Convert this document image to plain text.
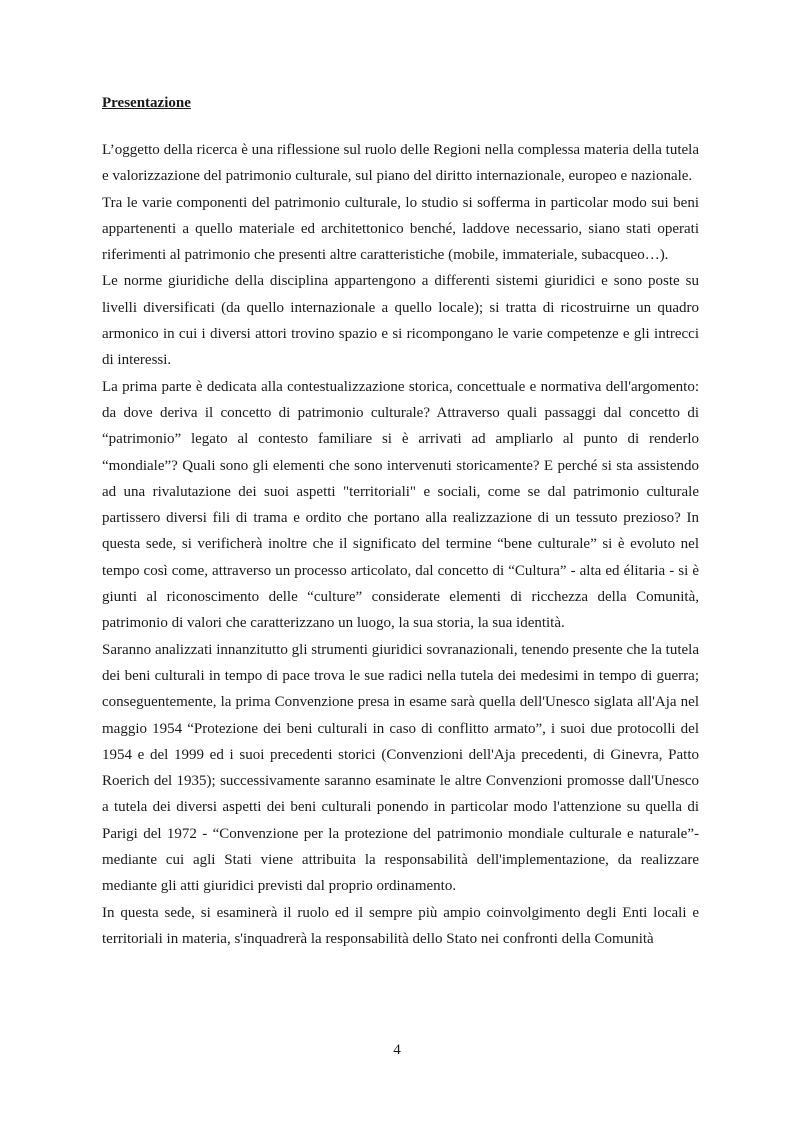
Presentazione

L’oggetto della ricerca è una riflessione sul ruolo delle Regioni nella complessa materia della tutela e valorizzazione del patrimonio culturale, sul piano del diritto internazionale, europeo e nazionale.

Tra le varie componenti del patrimonio culturale, lo studio si sofferma in particolar modo sui beni appartenenti a quello materiale ed architettonico benché, laddove necessario, siano stati operati riferimenti al patrimonio che presenti altre caratteristiche (mobile, immateriale, subacqueo…).

Le norme giuridiche della disciplina appartengono a differenti sistemi giuridici e sono poste su livelli diversificati (da quello internazionale a quello locale); si tratta di ricostruirne un quadro armonico in cui i diversi attori trovino spazio e si ricompongano le varie competenze e gli intrecci di interessi.

La prima parte è dedicata alla contestualizzazione storica, concettuale e normativa dell'argomento: da dove deriva il concetto di patrimonio culturale? Attraverso quali passaggi dal concetto di “patrimonio” legato al contesto familiare si è arrivati ad ampliarlo al punto di renderlo “mondiale”? Quali sono gli elementi che sono intervenuti storicamente? E perché si sta assistendo ad una rivalutazione dei suoi aspetti "territoriali" e sociali, come se dal patrimonio culturale partissero diversi fili di trama e ordito che portano alla realizzazione di un tessuto prezioso? In questa sede, si verificherà inoltre che il significato del termine “bene culturale” si è evoluto nel tempo così come, attraverso un processo articolato, dal concetto di “Cultura” - alta ed élitaria - si è giunti al riconoscimento delle “culture” considerate elementi di ricchezza della Comunità, patrimonio di valori che caratterizzano un luogo, la sua storia, la sua identità.

Saranno analizzati innanzitutto gli strumenti giuridici sovranazionali, tenendo presente che la tutela dei beni culturali in tempo di pace trova le sue radici nella tutela dei medesimi in tempo di guerra; conseguentemente, la prima Convenzione presa in esame sarà quella dell'Unesco siglata all'Aja nel maggio 1954 “Protezione dei beni culturali in caso di conflitto armato”, i suoi due protocolli del 1954 e del 1999 ed i suoi precedenti storici (Convenzioni dell'Aja precedenti, di Ginevra, Patto Roerich del 1935); successivamente saranno esaminate le altre Convenzioni promosse dall'Unesco a tutela dei diversi aspetti dei beni culturali ponendo in particolar modo l'attenzione su quella di Parigi del 1972 - “Convenzione per la protezione del patrimonio mondiale culturale e naturale”- mediante cui agli Stati viene attribuita la responsabilità dell'implementazione, da realizzare mediante gli atti giuridici previsti dal proprio ordinamento.

In questa sede, si esaminerà il ruolo ed il sempre più ampio coinvolgimento degli Enti locali e territoriali in materia, s'inquadrerà la responsabilità dello Stato nei confronti della Comunità

4
